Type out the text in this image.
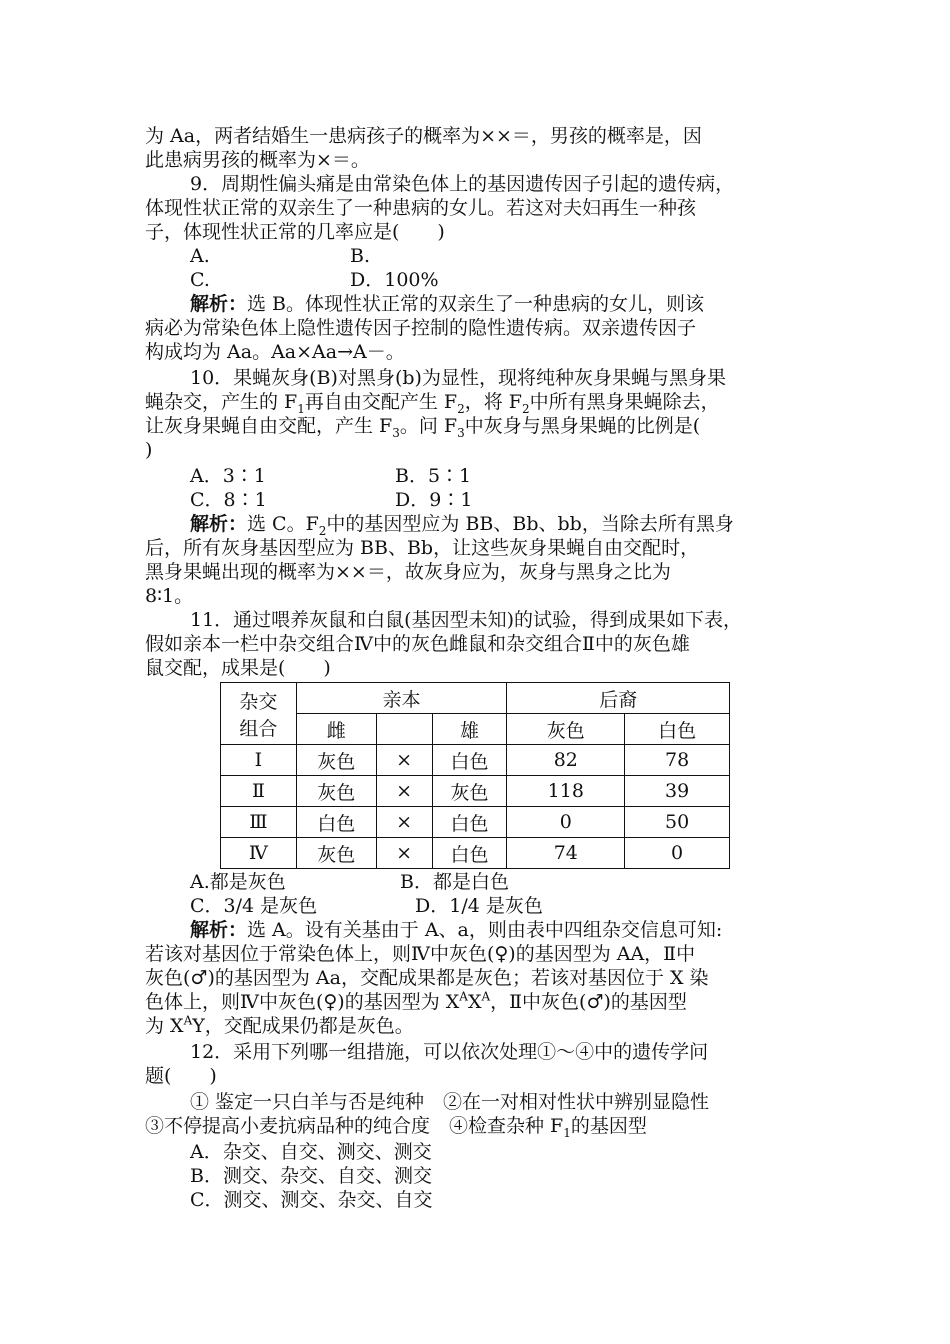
为 Aa，两者结婚生一患病孩子的概率为××＝，男孩的概率是，因
此患病男孩的概率为×＝。
9．周期性偏头痛是由常染色体上的基因遗传因子引起的遗传病，
体现性状正常的双亲生了一种患病的女儿。若这对夫妇再生一种孩
子，体现性状正常的几率应是(　　)
A.	B.
C.	D．100%
解析：选 B。体现性状正常的双亲生了一种患病的女儿，则该
病必为常染色体上隐性遗传因子控制的隐性遗传病。双亲遗传因子
构成均为 Aa。Aa×Aa→A－。
10．果蝇灰身(B)对黑身(b)为显性，现将纯种灰身果蝇与黑身果
蝇杂交，产生的 $F_1$再自由交配产生 $F_2$，将 $F_2$中所有黑身果蝇除去，
让灰身果蝇自由交配，产生 $F_3$。问 $F_3$中灰身与黑身果蝇的比例是(
)
A．3∶1	B．5∶1
C．8∶1	D．9∶1
解析：选 C。$F_2$中的基因型应为 BB、Bb、bb，当除去所有黑身
后，所有灰身基因型应为 BB、Bb，让这些灰身果蝇自由交配时，
黑身果蝇出现的概率为××＝，故灰身应为，灰身与黑身之比为
8∶1。
11．通过喂养灰鼠和白鼠(基因型未知)的试验，得到成果如下表，
假如亲本一栏中杂交组合Ⅳ中的灰色雌鼠和杂交组合Ⅱ中的灰色雄
鼠交配，成果是(　　)
杂交
组合	亲本			后裔	
	雌		雄	灰色	白色
Ⅰ	灰色	×	白色	82	78
Ⅱ	灰色	×	灰色	118	39
Ⅲ	白色	×	白色	0	50
Ⅳ	灰色	×	白色	74	0
A.都是灰色	B．都是白色
C．3/4 是灰色	D．1/4 是灰色
解析：选 A。设有关基由于 A、a，则由表中四组杂交信息可知:
若该对基因位于常染色体上，则Ⅳ中灰色(♀)的基因型为 AA，Ⅱ中
灰色(♂)的基因型为 Aa，交配成果都是灰色；若该对基因位于 X 染
色体上，则Ⅳ中灰色(♀)的基因型为 $X^AX^A$，Ⅱ中灰色(♂)的基因型
为 $X^AY$，交配成果仍都是灰色。
12．采用下列哪一组措施，可以依次处理①～④中的遗传学问
题(　　)
① 鉴定一只白羊与否是纯种　②在一对相对性状中辨别显隐性
③不停提高小麦抗病品种的纯合度　④检查杂种 $F_1$的基因型
A．杂交、自交、测交、测交
B．测交、杂交、自交、测交
C．测交、测交、杂交、自交
